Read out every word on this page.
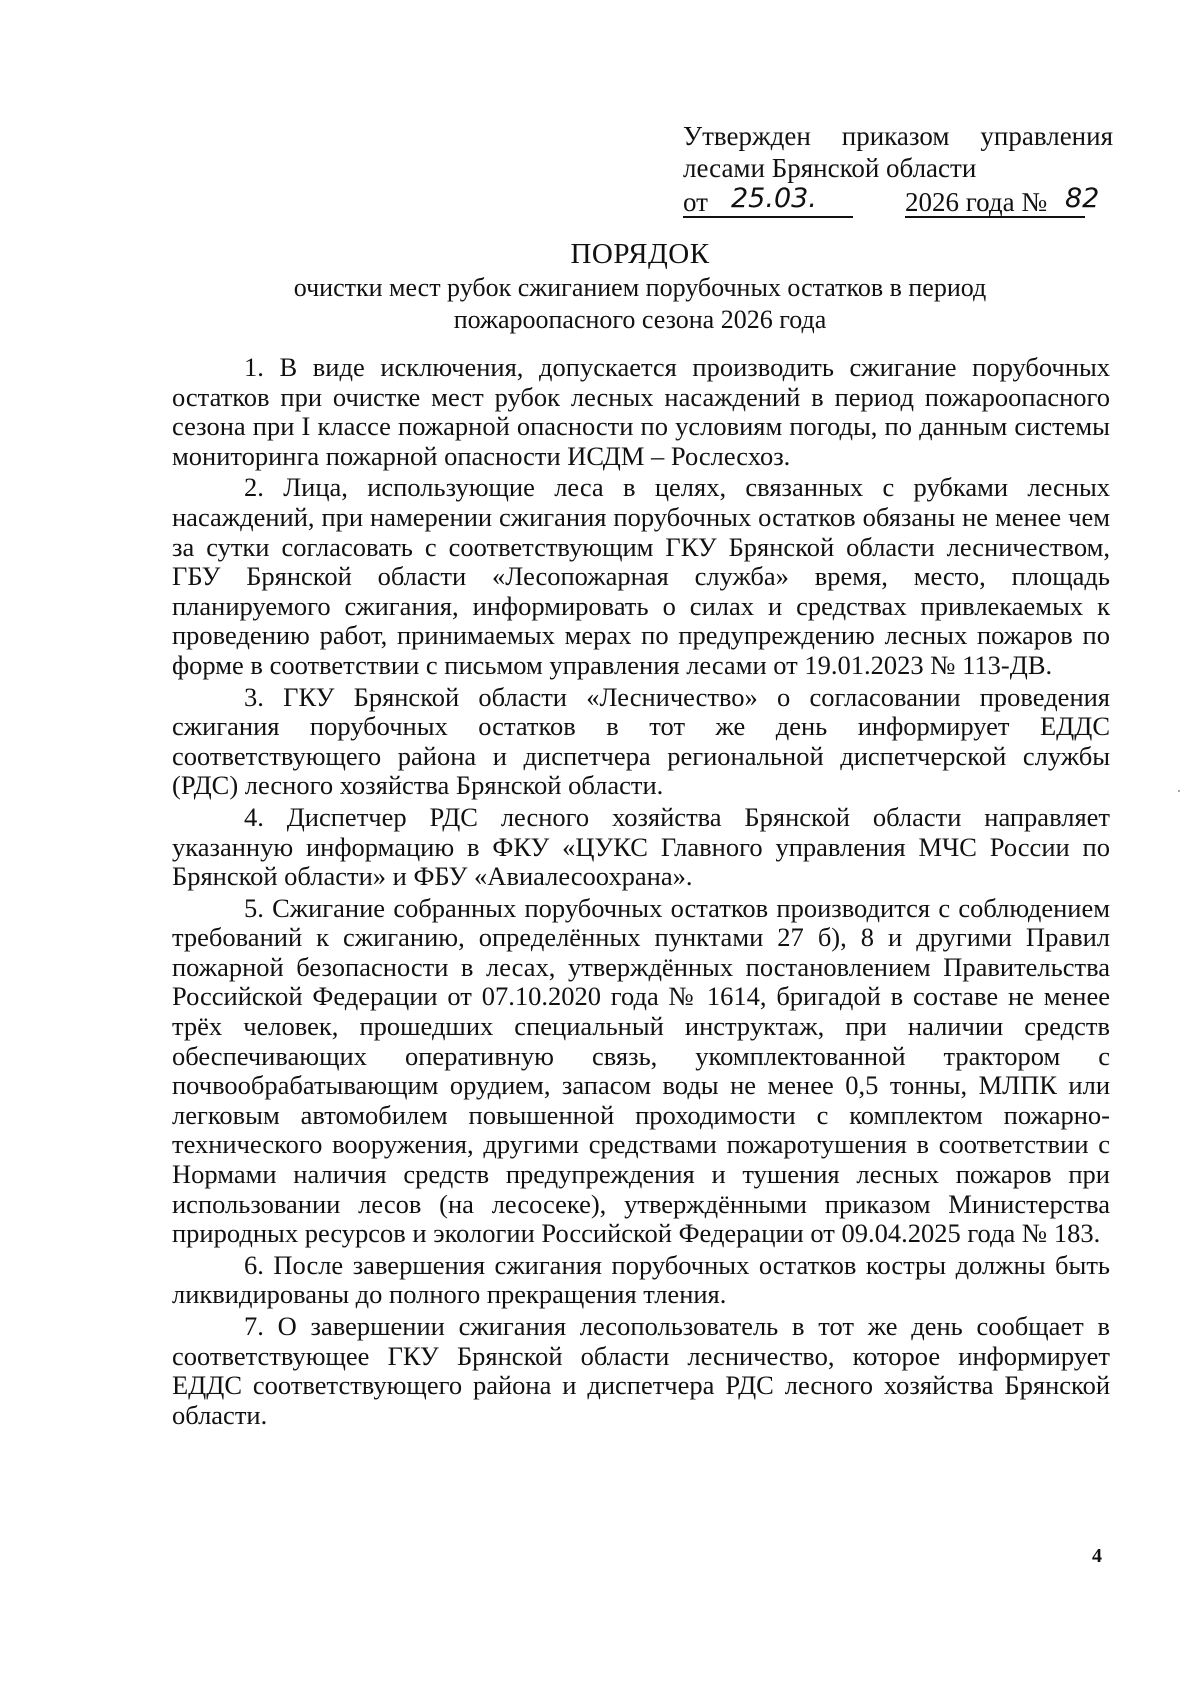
Утвержден приказом управления
лесами Брянской области
от 25.03.	2026 года № 82
ПОРЯДОК
очистки мест рубок сжиганием порубочных остатков в период
пожароопасного сезона 2026 года

1. В виде исключения, допускается производить сжигание порубочных остатков при очистке мест рубок лесных насаждений в период пожароопасного сезона при I классе пожарной опасности по условиям погоды, по данным системы мониторинга пожарной опасности ИСДМ – Рослесхоз.

2. Лица, использующие леса в целях, связанных с рубками лесных насаждений, при намерении сжигания порубочных остатков обязаны не менее чем за сутки согласовать с соответствующим ГКУ Брянской области лесничеством, ГБУ Брянской области «Лесопожарная служба» время, место, площадь планируемого сжигания, информировать о силах и средствах привлекаемых к проведению работ, принимаемых мерах по предупреждению лесных пожаров по форме в соответствии с письмом управления лесами от 19.01.2023 № 113-ДВ.

3. ГКУ Брянской области «Лесничество» о согласовании проведения сжигания порубочных остатков в тот же день информирует ЕДДС соответствующего района и диспетчера региональной диспетчерской службы (РДС) лесного хозяйства Брянской области.

4. Диспетчер РДС лесного хозяйства Брянской области направляет указанную информацию в ФКУ «ЦУКС Главного управления МЧС России по Брянской области» и ФБУ «Авиалесоохрана».

5. Сжигание собранных порубочных остатков производится с соблюдением требований к сжиганию, определённых пунктами 27 б), 8 и другими Правил пожарной безопасности в лесах, утверждённых постановлением Правительства Российской Федерации от 07.10.2020 года № 1614, бригадой в составе не менее трёх человек, прошедших специальный инструктаж, при наличии средств обеспечивающих оперативную связь, укомплектованной трактором с почвообрабатывающим орудием, запасом воды не менее 0,5 тонны, МЛПК или легковым автомобилем повышенной проходимости с комплектом пожарно-технического вооружения, другими средствами пожаротушения в соответствии с Нормами наличия средств предупреждения и тушения лесных пожаров при использовании лесов (на лесосеке), утверждёнными приказом Министерства природных ресурсов и экологии Российской Федерации от 09.04.2025 года № 183.

6. После завершения сжигания порубочных остатков костры должны быть ликвидированы до полного прекращения тления.

7. О завершении сжигания лесопользователь в тот же день сообщает в соответствующее ГКУ Брянской области лесничество, которое информирует ЕДДС соответствующего района и диспетчера РДС лесного хозяйства Брянской области.

4
